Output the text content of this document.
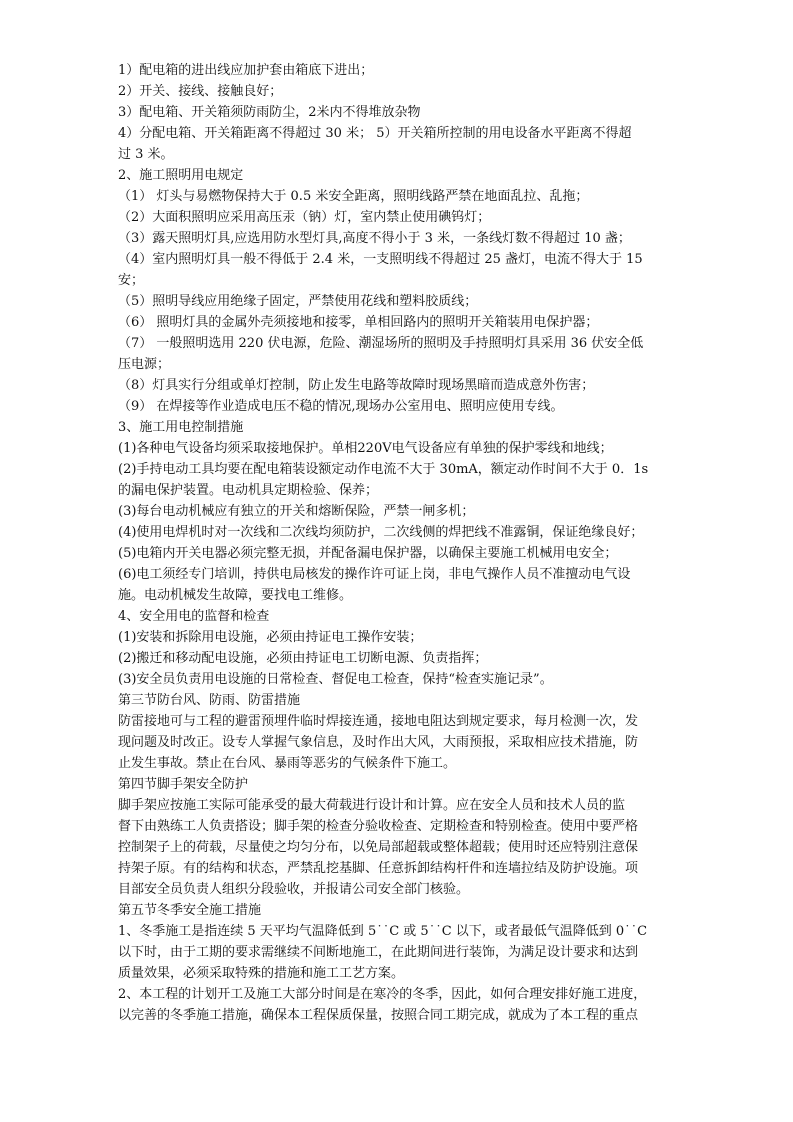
1）配电箱的进出线应加护套由箱底下进出；
2）开关、接线、接触良好；
3）配电箱、开关箱须防雨防尘，2米内不得堆放杂物
4）分配电箱、开关箱距离不得超过 30 米； 5）开关箱所控制的用电设备水平距离不得超
过 3 米。
2、施工照明用电规定
（1） 灯头与易燃物保持大于 0.5 米安全距离，照明线路严禁在地面乱拉、乱拖；
（2）大面积照明应采用高压汞（钠）灯，室内禁止使用碘钨灯；
（3）露天照明灯具,应选用防水型灯具,高度不得小于 3 米，一条线灯数不得超过 10 盏；
（4）室内照明灯具一般不得低于 2.4 米，一支照明线不得超过 25 盏灯，电流不得大于 15
安；
（5）照明导线应用绝缘子固定，严禁使用花线和塑料胶质线；
（6） 照明灯具的金属外壳须接地和接零，单相回路内的照明开关箱装用电保护器；
（7） 一般照明选用 220 伏电源，危险、潮湿场所的照明及手持照明灯具采用 36 伏安全低
压电源；
（8）灯具实行分组或单灯控制，防止发生电路等故障时现场黑暗而造成意外伤害；
（9） 在焊接等作业造成电压不稳的情况,现场办公室用电、照明应使用专线。
3、施工用电控制措施
(1)各种电气设备均须采取接地保护。单相220V电气设备应有单独的保护零线和地线；
(2)手持电动工具均要在配电箱装设额定动作电流不大于 30mA，额定动作时间不大于 0．1s
的漏电保护装置。电动机具定期检验、保养；
(3)每台电动机械应有独立的开关和熔断保险，严禁一闸多机；
(4)使用电焊机时对一次线和二次线均须防护，二次线侧的焊把线不准露铜，保证绝缘良好；
(5)电箱内开关电器必须完整无损，并配备漏电保护器，以确保主要施工机械用电安全；
(6)电工须经专门培训，持供电局核发的操作许可证上岗，非电气操作人员不准擅动电气设
施。电动机械发生故障，要找电工维修。
4、安全用电的监督和检查
(1)安装和拆除用电设施，必须由持证电工操作安装；
(2)搬迁和移动配电设施，必须由持证电工切断电源、负责指挥；
(3)安全员负责用电设施的日常检查、督促电工检查，保持“检查实施记录”。
第三节防台风、防雨、防雷措施
防雷接地可与工程的避雷预埋件临时焊接连通，接地电阻达到规定要求，每月检测一次，发
现问题及时改正。设专人掌握气象信息，及时作出大风，大雨预报，采取相应技术措施，防
止发生事故。禁止在台风、暴雨等恶劣的气候条件下施工。
第四节脚手架安全防护
脚手架应按施工实际可能承受的最大荷载进行设计和计算。应在安全人员和技术人员的监
督下由熟练工人负责搭设；脚手架的检查分验收检查、定期检查和特别检查。使用中要严格
控制架子上的荷载，尽量使之均匀分布，以免局部超载或整体超载；使用时还应特别注意保
持架子原。有的结构和状态，严禁乱挖基脚、任意拆卸结构杆件和连墙拉结及防护设施。项
目部安全员负责人组织分段验收，并报请公司安全部门核验。
第五节冬季安全施工措施
1、冬季施工是指连续 5 天平均气温降低到 5˙˙C 或 5˙˙C 以下，或者最低气温降低到 0˙˙C
以下时，由于工期的要求需继续不间断地施工，在此期间进行装饰，为满足设计要求和达到
质量效果，必须采取特殊的措施和施工工艺方案。
2、本工程的计划开工及施工大部分时间是在寒冷的冬季，因此，如何合理安排好施工进度，
以完善的冬季施工措施，确保本工程保质保量，按照合同工期完成，就成为了本工程的重点
